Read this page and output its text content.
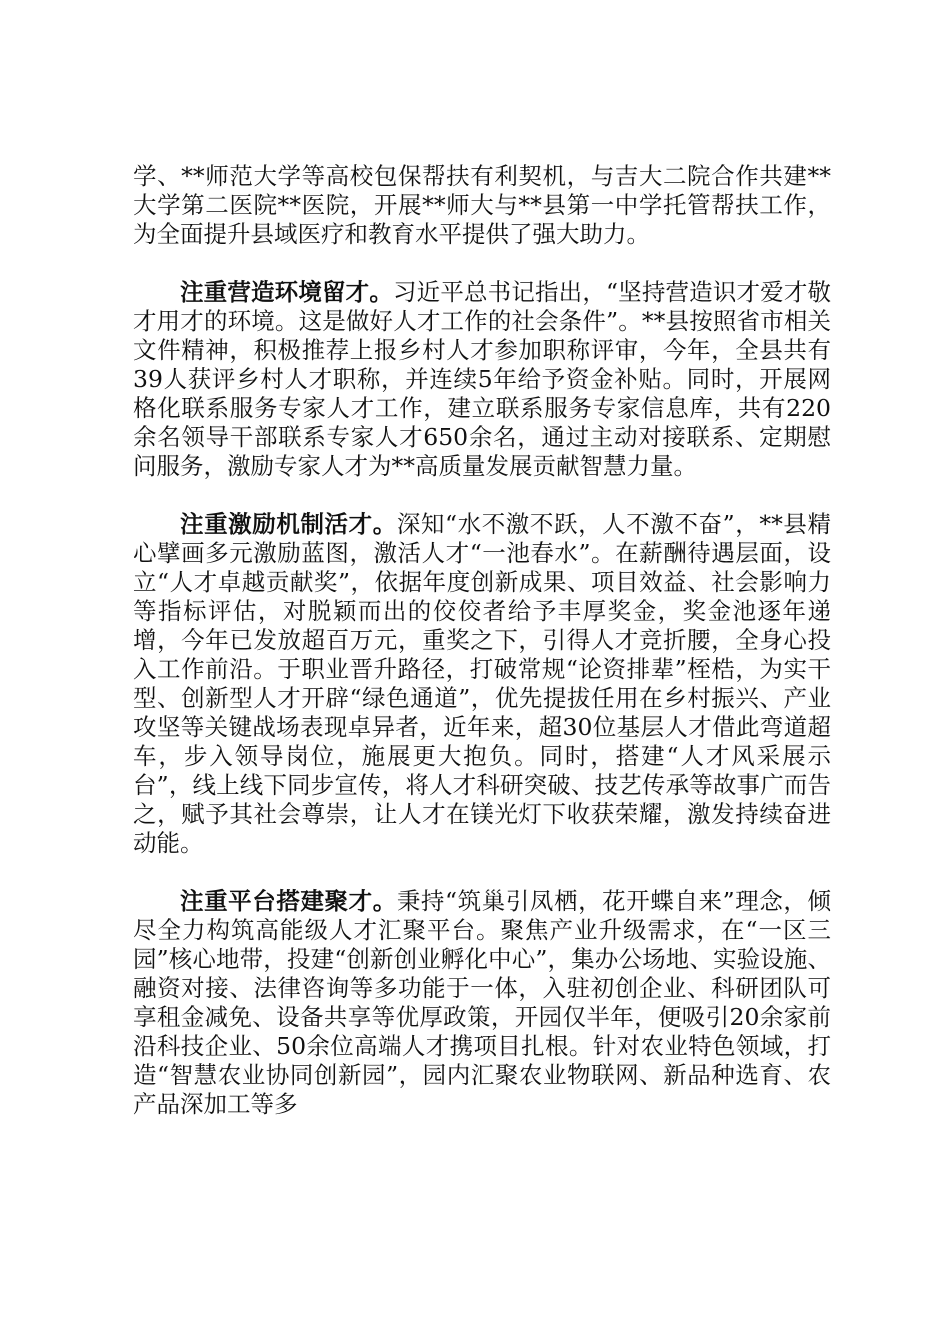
学、**师范大学等高校包保帮扶有利契机，与吉大二院合作共建**大学第二医院**医院，开展**师大与**县第一中学托管帮扶工作，为全面提升县域医疗和教育水平提供了强大助力。

注重营造环境留才。习近平总书记指出，“坚持营造识才爱才敬才用才的环境。这是做好人才工作的社会条件”。**县按照省市相关文件精神，积极推荐上报乡村人才参加职称评审，今年，全县共有39人获评乡村人才职称，并连续5年给予资金补贴。同时，开展网格化联系服务专家人才工作，建立联系服务专家信息库，共有220余名领导干部联系专家人才650余名，通过主动对接联系、定期慰问服务，激励专家人才为**高质量发展贡献智慧力量。

注重激励机制活才。深知“水不激不跃，人不激不奋”，**县精心擘画多元激励蓝图，激活人才“一池春水”。在薪酬待遇层面，设立“人才卓越贡献奖”，依据年度创新成果、项目效益、社会影响力等指标评估，对脱颖而出的佼佼者给予丰厚奖金，奖金池逐年递增，今年已发放超百万元，重奖之下，引得人才竞折腰，全身心投入工作前沿。于职业晋升路径，打破常规“论资排辈”桎梏，为实干型、创新型人才开辟“绿色通道”，优先提拔任用在乡村振兴、产业攻坚等关键战场表现卓异者，近年来，超30位基层人才借此弯道超车，步入领导岗位，施展更大抱负。同时，搭建“人才风采展示台”，线上线下同步宣传，将人才科研突破、技艺传承等故事广而告之，赋予其社会尊崇，让人才在镁光灯下收获荣耀，激发持续奋进动能。

注重平台搭建聚才。秉持“筑巢引凤栖，花开蝶自来”理念，倾尽全力构筑高能级人才汇聚平台。聚焦产业升级需求，在“一区三园”核心地带，投建“创新创业孵化中心”，集办公场地、实验设施、融资对接、法律咨询等多功能于一体，入驻初创企业、科研团队可享租金减免、设备共享等优厚政策，开园仅半年，便吸引20余家前沿科技企业、50余位高端人才携项目扎根。针对农业特色领域，打造“智慧农业协同创新园”，园内汇聚农业物联网、新品种选育、农产品深加工等多
